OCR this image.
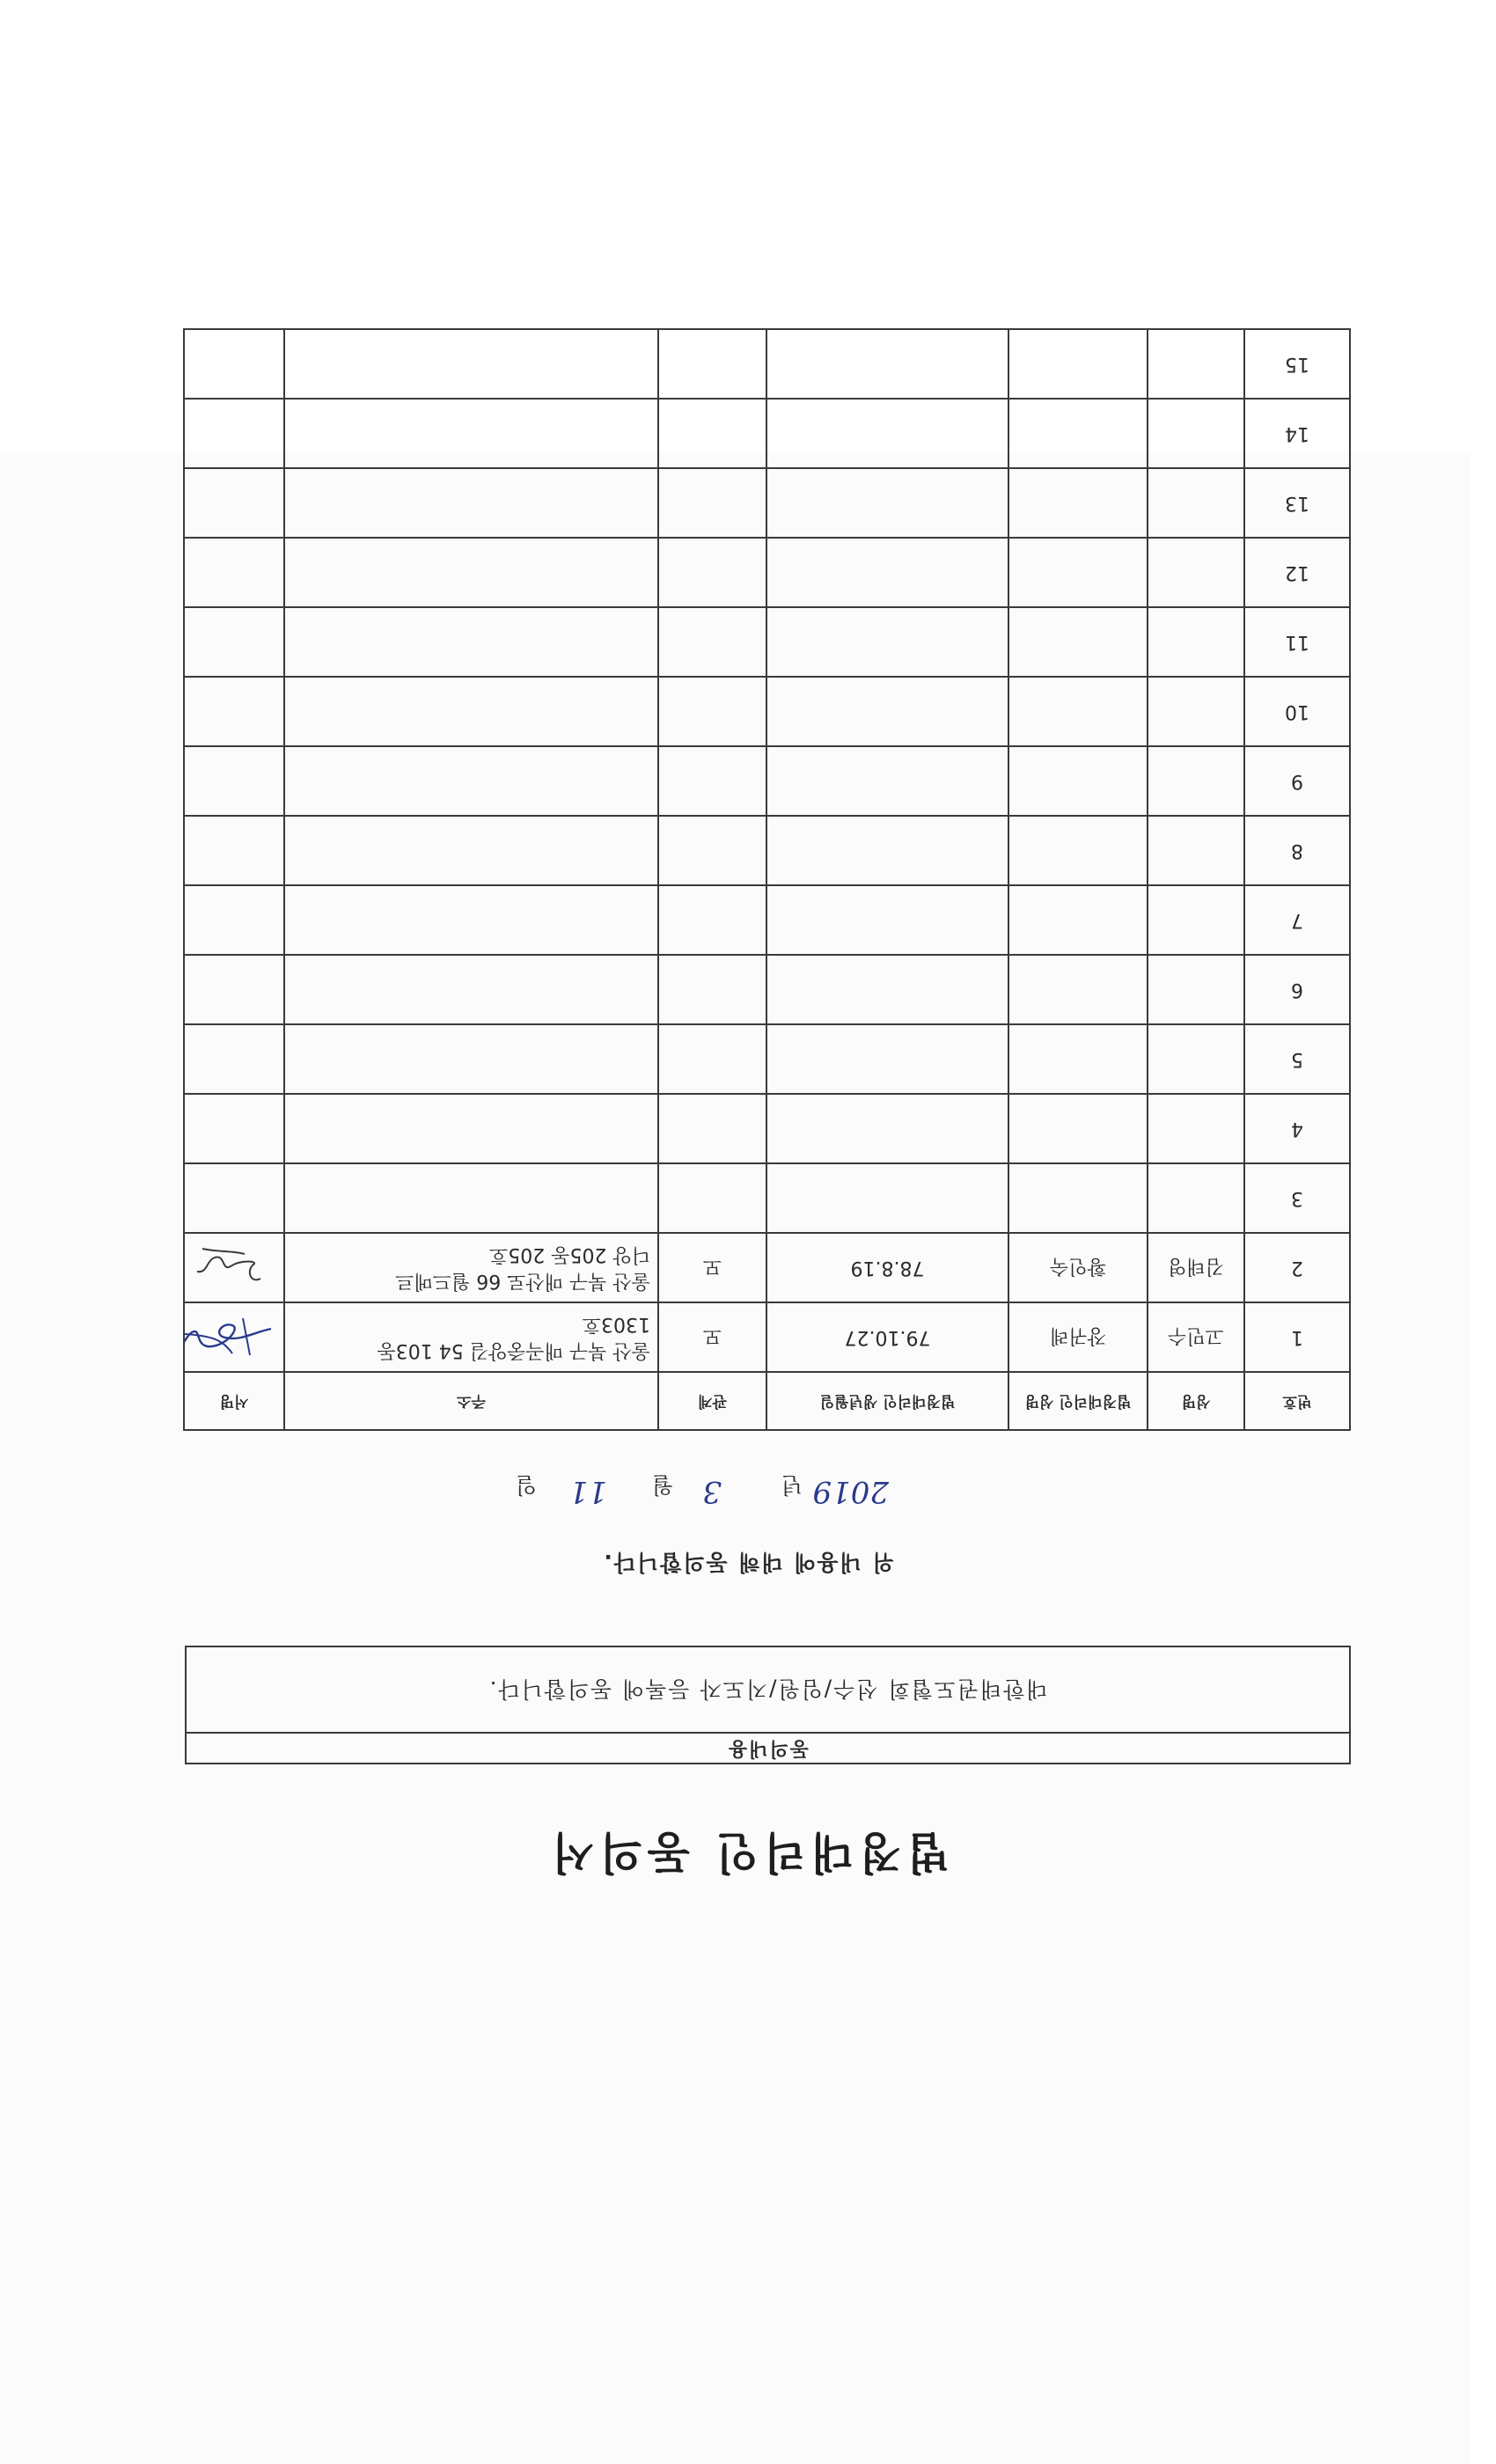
법정대리인 동의서
동의내용
대한태권도협회 선수/임원/지도자 등록에 동의합니다.
위 내용에 대해 동의합니다.
2019
년
3
월
11
일
번호	성명	법정대리인 성명	법정대리인 생년월일	관계	주소	서명
1	고민수	장귀례	79.10.27	모	울산 북구 매곡중앙길 54 103동
1303호

2	김태영	황인숙	78.8.19	모	울산 북구 매산로 66 월드메르
디앙 205동 205호

3						
4						
5						
6						
7						
8						
9						
10						
11						
12						
13						
14						
15						
